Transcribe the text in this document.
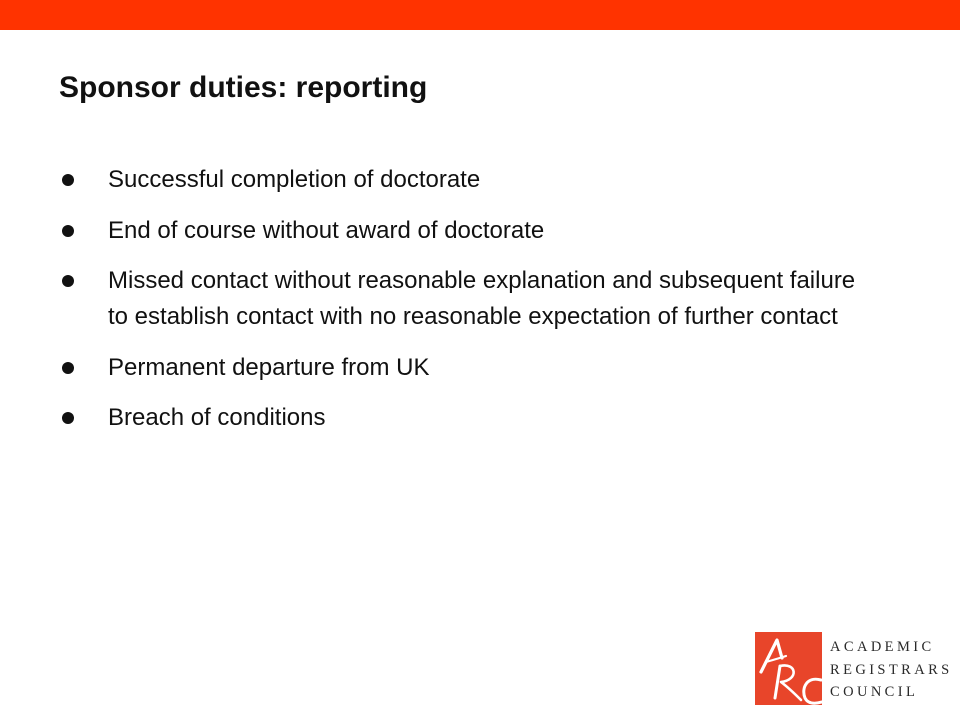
Sponsor duties: reporting
Successful completion of doctorate
End of course without award of doctorate
Missed contact without reasonable explanation and subsequent failure to establish contact with no reasonable expectation of further contact
Permanent departure from UK
Breach of conditions
ACADEMIC
REGISTRARS
COUNCIL
